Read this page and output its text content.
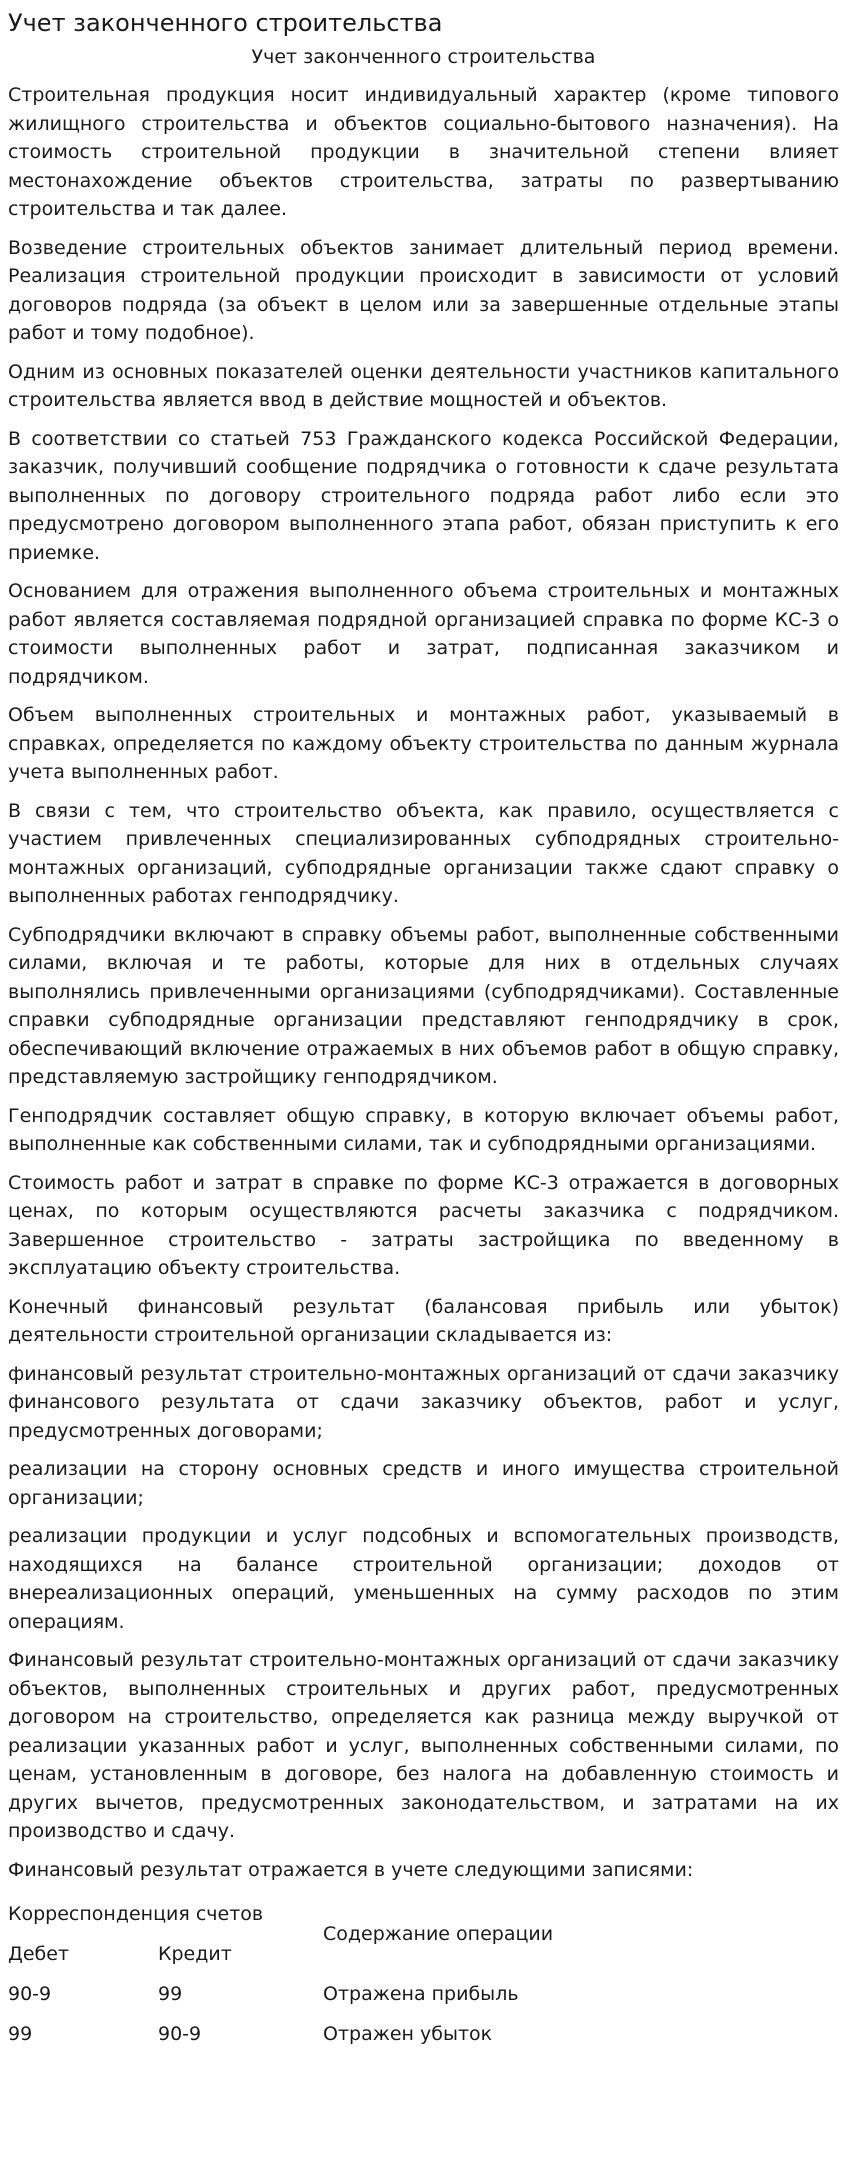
Учет законченного строительства
Учет законченного строительства

Строительная продукция носит индивидуальный характер (кроме типового жилищного строительства и объектов социально-бытового назначения). На стоимость строительной продукции в значительной степени влияет местонахождение объектов строительства, затраты по развертыванию строительства и так далее.

Возведение строительных объектов занимает длительный период времени. Реализация строительной продукции происходит в зависимости от условий договоров подряда (за объект в целом или за завершенные отдельные этапы работ и тому подобное).

Одним из основных показателей оценки деятельности участников капитального строительства является ввод в действие мощностей и объектов.

В соответствии со статьей 753 Гражданского кодекса Российской Федерации, заказчик, получивший сообщение подрядчика о готовности к сдаче результата выполненных по договору строительного подряда работ либо если это предусмотрено договором выполненного этапа работ, обязан приступить к его приемке.

Основанием для отражения выполненного объема строительных и монтажных работ является составляемая подрядной организацией справка по форме КС-3 о стоимости выполненных работ и затрат, подписанная заказчиком и подрядчиком.

Объем выполненных строительных и монтажных работ, указываемый в справках, определяется по каждому объекту строительства по данным журнала учета выполненных работ.

В связи с тем, что строительство объекта, как правило, осуществляется с участием привлеченных специализированных субподрядных строительно-монтажных организаций, субподрядные организации также сдают справку о выполненных работах генподрядчику.

Субподрядчики включают в справку объемы работ, выполненные собственными силами, включая и те работы, которые для них в отдельных случаях выполнялись привлеченными организациями (субподрядчиками). Составленные справки субподрядные организации представляют генподрядчику в срок, обеспечивающий включение отражаемых в них объемов работ в общую справку, представляемую застройщику генподрядчиком.

Генподрядчик составляет общую справку, в которую включает объемы работ, выполненные как собственными силами, так и субподрядными организациями.

Стоимость работ и затрат в справке по форме КС-3 отражается в договорных ценах, по которым осуществляются расчеты заказчика с подрядчиком. Завершенное строительство - затраты застройщика по введенному в эксплуатацию объекту строительства.

Конечный финансовый результат (балансовая прибыль или убыток) деятельности строительной организации складывается из:

финансовый результат строительно-монтажных организаций от сдачи заказчику финансового результата от сдачи заказчику объектов, работ и услуг, предусмотренных договорами;

реализации на сторону основных средств и иного имущества строительной организации;

реализации продукции и услуг подсобных и вспомогательных производств, находящихся на балансе строительной организации; доходов от внереализационных операций, уменьшенных на сумму расходов по этим операциям.

Финансовый результат строительно-монтажных организаций от сдачи заказчику объектов, выполненных строительных и других работ, предусмотренных договором на строительство, определяется как разница между выручкой от реализации указанных работ и услуг, выполненных собственными силами, по ценам, установленным в договоре, без налога на добавленную стоимость и других вычетов, предусмотренных законодательством, и затратами на их производство и сдачу.

Финансовый результат отражается в учете следующими записями:

Корреспонденция счетов		Содержание операции
Дебет	Кредит	
90-9	99	Отражена прибыль
99	90-9	Отражен убыток
